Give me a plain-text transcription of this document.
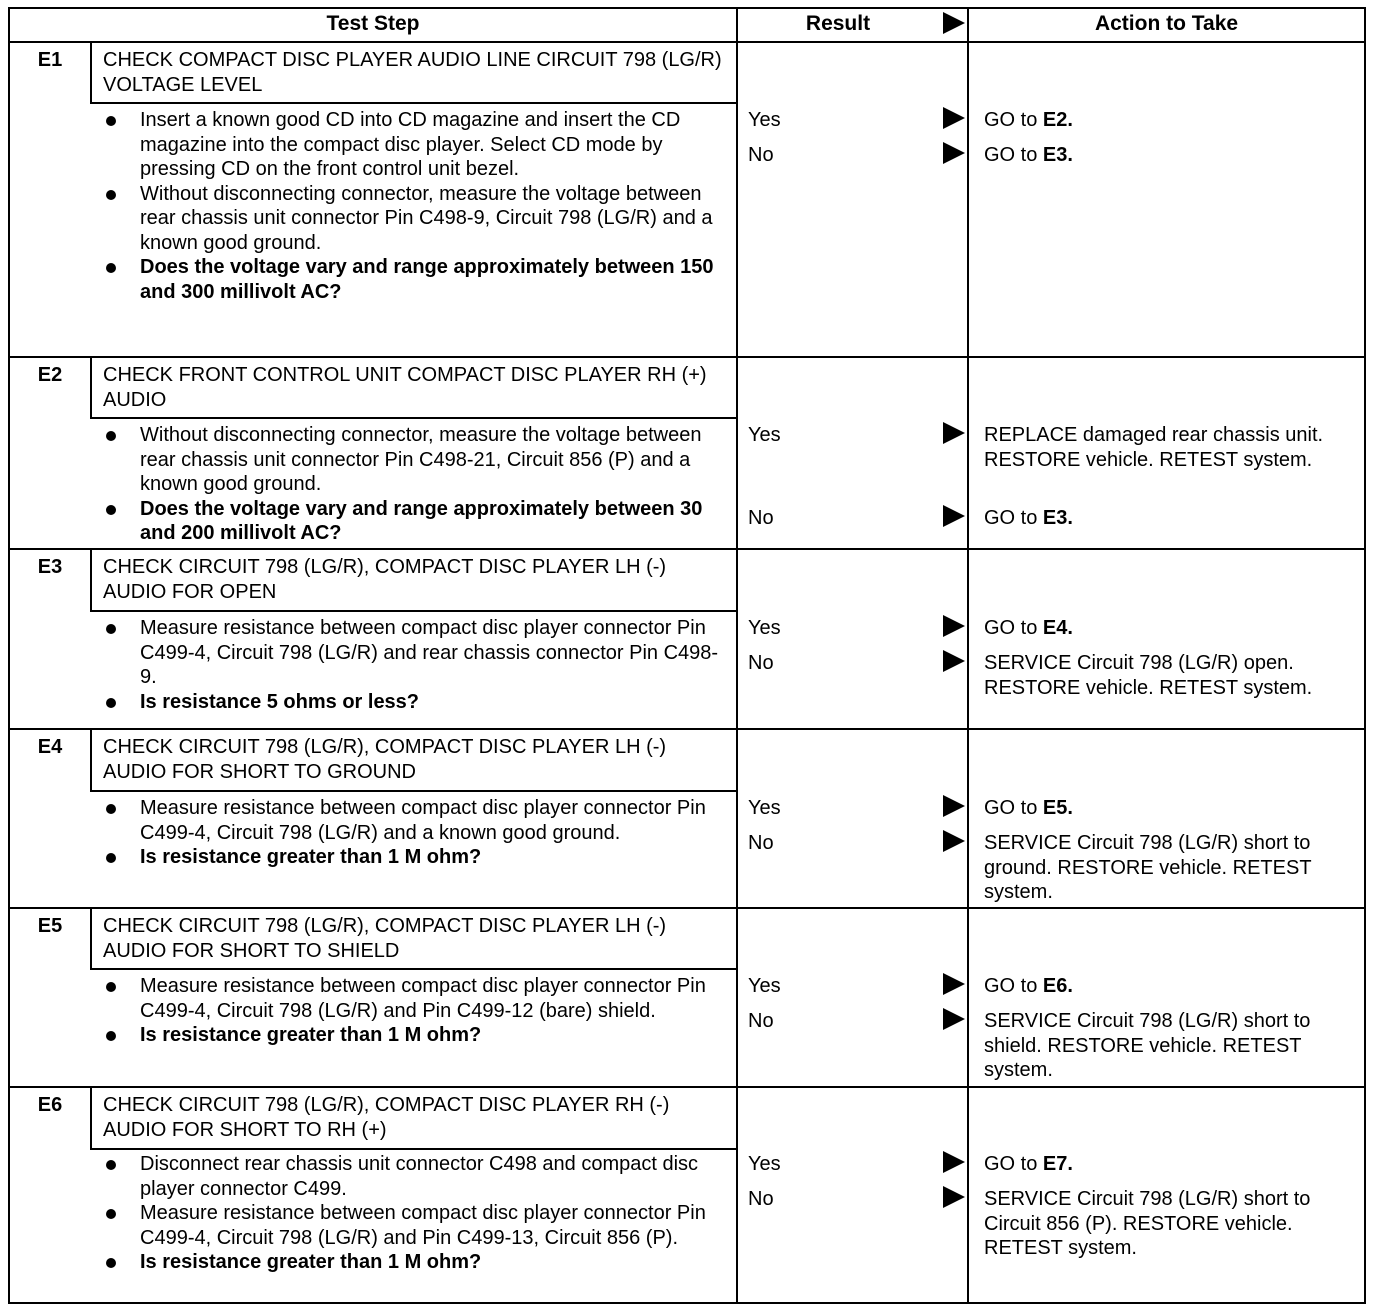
Test Step	Result	Action to Take
E1	CHECK COMPACT DISC PLAYER AUDIO LINE CIRCUIT 798 (LG/R) VOLTAGE LEVEL
Insert a known good CD into CD magazine and insert the CD magazine into the compact disc player. Select CD mode by pressing CD on the front control unit bezel.
Without disconnecting connector, measure the voltage between rear chassis unit connector Pin C498-9, Circuit 798 (LG/R) and a known good ground.
Does the voltage vary and range approximately between 150 and 300 millivolt AC?
Yes	GO to E2.
No	GO to E3.
E2	CHECK FRONT CONTROL UNIT COMPACT DISC PLAYER RH (+) AUDIO
Without disconnecting connector, measure the voltage between rear chassis unit connector Pin C498-21, Circuit 856 (P) and a known good ground.
Does the voltage vary and range approximately between 30 and 200 millivolt AC?
Yes	REPLACE damaged rear chassis unit. RESTORE vehicle. RETEST system.
No	GO to E3.
E3	CHECK CIRCUIT 798 (LG/R), COMPACT DISC PLAYER LH (-) AUDIO FOR OPEN
Measure resistance between compact disc player connector Pin C499-4, Circuit 798 (LG/R) and rear chassis connector Pin C498-9.
Is resistance 5 ohms or less?
Yes	GO to E4.
No	SERVICE Circuit 798 (LG/R) open. RESTORE vehicle. RETEST system.
E4	CHECK CIRCUIT 798 (LG/R), COMPACT DISC PLAYER LH (-) AUDIO FOR SHORT TO GROUND
Measure resistance between compact disc player connector Pin C499-4, Circuit 798 (LG/R) and a known good ground.
Is resistance greater than 1 M ohm?
Yes	GO to E5.
No	SERVICE Circuit 798 (LG/R) short to ground. RESTORE vehicle. RETEST system.
E5	CHECK CIRCUIT 798 (LG/R), COMPACT DISC PLAYER LH (-) AUDIO FOR SHORT TO SHIELD
Measure resistance between compact disc player connector Pin C499-4, Circuit 798 (LG/R) and Pin C499-12 (bare) shield.
Is resistance greater than 1 M ohm?
Yes	GO to E6.
No	SERVICE Circuit 798 (LG/R) short to shield. RESTORE vehicle. RETEST system.
E6	CHECK CIRCUIT 798 (LG/R), COMPACT DISC PLAYER RH (-) AUDIO FOR SHORT TO RH (+)
Disconnect rear chassis unit connector C498 and compact disc player connector C499.
Measure resistance between compact disc player connector Pin C499-4, Circuit 798 (LG/R) and Pin C499-13, Circuit 856 (P).
Is resistance greater than 1 M ohm?
Yes	GO to E7.
No	SERVICE Circuit 798 (LG/R) short to Circuit 856 (P). RESTORE vehicle. RETEST system.
